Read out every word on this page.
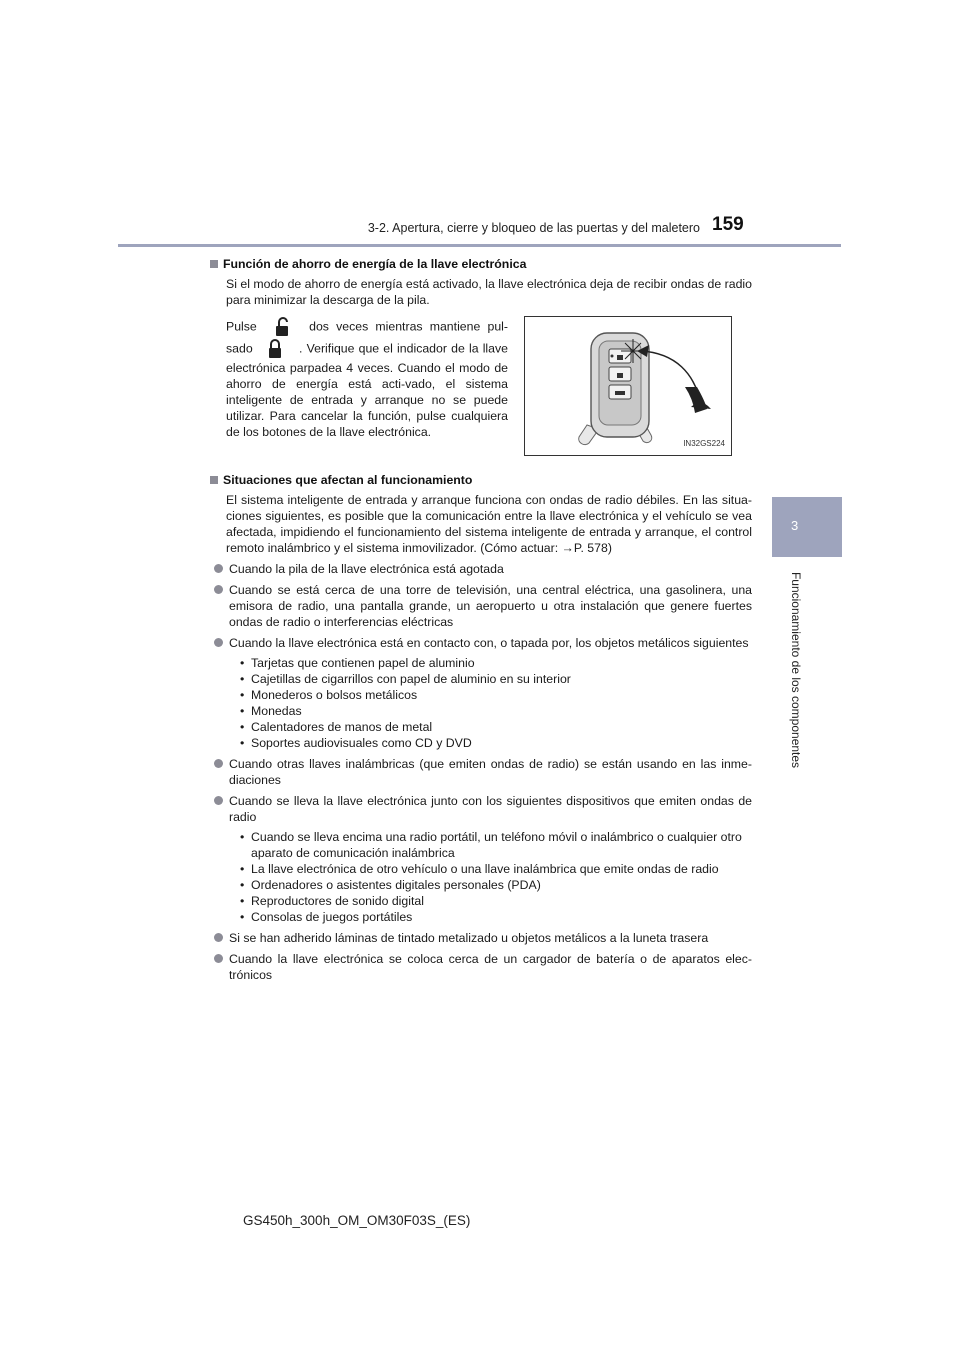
3-2. Apertura, cierre y bloqueo de las puertas y del maletero 159
3
Funcionamiento de los componentes
Función de ahorro de energía de la llave electrónica
Si el modo de ahorro de energía está activado, la llave electrónica deja de recibir ondas de radio para minimizar la descarga de la pila.
Pulse	dos veces mientras mantiene pul-sado	. Verifique que el indicador de la llave electrónica parpadea 4 veces. Cuando el modo de ahorro de energía está acti-vado, el sistema inteligente de entrada y arranque no se puede utilizar. Para cancelar la función, pulse cualquiera de los botones de la llave electrónica.
IN32GS224
Situaciones que afectan al funcionamiento
El sistema inteligente de entrada y arranque funciona con ondas de radio débiles. En las situa-ciones siguientes, es posible que la comunicación entre la llave electrónica y el vehículo se vea afectada, impidiendo el funcionamiento del sistema inteligente de entrada y arranque, el control remoto inalámbrico y el sistema inmovilizador. (Cómo actuar: →P. 578)
Cuando la pila de la llave electrónica está agotada
Cuando se está cerca de una torre de televisión, una central eléctrica, una gasolinera, una emisora de radio, una pantalla grande, un aeropuerto u otra instalación que genere fuertes ondas de radio o interferencias eléctricas
Cuando la llave electrónica está en contacto con, o tapada por, los objetos metálicos siguientes
• Tarjetas que contienen papel de aluminio
• Cajetillas de cigarrillos con papel de aluminio en su interior
• Monederos o bolsos metálicos
• Monedas
• Calentadores de manos de metal
• Soportes audiovisuales como CD y DVD
Cuando otras llaves inalámbricas (que emiten ondas de radio) se están usando en las inme-diaciones
Cuando se lleva la llave electrónica junto con los siguientes dispositivos que emiten ondas de radio
• Cuando se lleva encima una radio portátil, un teléfono móvil o inalámbrico o cualquier otro aparato de comunicación inalámbrica
• La llave electrónica de otro vehículo o una llave inalámbrica que emite ondas de radio
• Ordenadores o asistentes digitales personales (PDA)
• Reproductores de sonido digital
• Consolas de juegos portátiles
Si se han adherido láminas de tintado metalizado u objetos metálicos a la luneta trasera
Cuando la llave electrónica se coloca cerca de un cargador de batería o de aparatos elec-trónicos
GS450h_300h_OM_OM30F03S_(ES)
